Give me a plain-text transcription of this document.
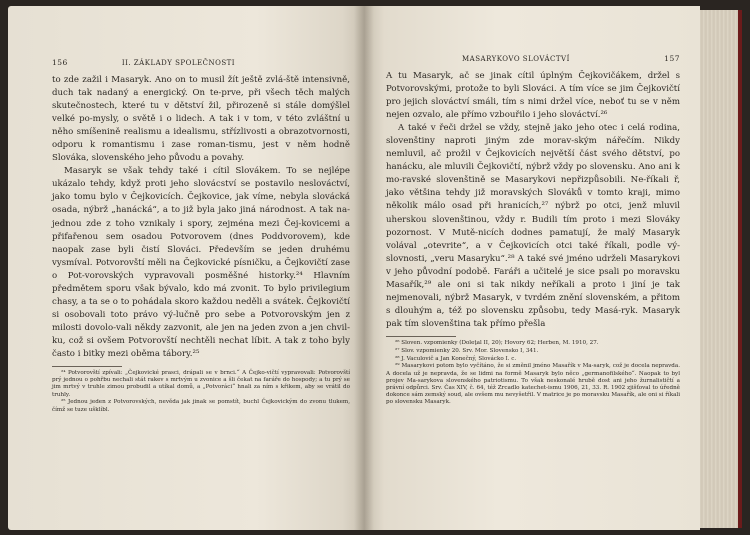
156	II. ZÁKLADY SPOLEČNOSTI

to zde zažil i Masaryk. Ano on to musil žít ještě zvlá-ště intensivně, duch tak nadaný a energický. On te-prve, při všech těch malých skutečnostech, které tu v dětství žil, přirozeně si stále domýšlel velké po-mysly, o světě i o lidech. A tak i v tom, v této zvláštní u něho smíšenině realismu a idealismu, střízlivosti a obrazotvornosti, odporu k romantismu i zase roman-tismu, jest v něm hodně Slováka, slovenského jeho původu a povahy.

Masaryk se však tehdy také i cítil Slovákem. To se nejlépe ukázalo tehdy, když proti jeho slovácství se postavilo neslováctví, jako tomu bylo v Čejkovicích. Čejkovice, jak víme, nebyla slovácká osada, nýbrž „hanácká“, a to již byla jako jiná národnost. A tak na-jednou zde z toho vznikaly i spory, zejména mezi Čej-kovicemi a přifařenou sem osadou Potvorovem (dnes Poddvorovem), kde naopak zase byli čistí Slováci. Především se jeden druhému vysmíval. Potvorovští měli na Čejkovické písničku, a Čejkovičtí zase o Pot-vorovských vypravovali posměšné historky.²⁴ Hlavním předmětem sporu však bývalo, kdo má zvonit. To bylo privilegium chasy, a ta se o to pohádala skoro každou neděli a svátek. Čejkovičtí si osobovali toto právo vý-lučně pro sebe a Potvorovským jen z milosti dovolo-vali někdy zazvonit, ale jen na jeden zvon a jen chvil-ku, což si ovšem Potvorovští nechtěli nechat líbit. A tak z toho byly často i bitky mezi oběma tábory.²⁵

²⁴ Potvorovští zpívali: „Čejkovické prasci, drápali se v brnci.“ A Čejko-vičtí vypravovali: Potvorovští prý jednou o pohřbu nechali stát rakev s mrtvým u zvonice a šli čekat na faráře do hospody; a tu prý se jim mrtvý v truhle zimou probudil a utíkal domů, a „Potvoráci“ hnali za ním s křikem, aby se vrátil do truhly.

²⁵ Jednou jeden z Potvorovských, nevěda jak jinak se pomstít, buchl Čejkovickým do zvonu tlukem, čímž se tuze ušklíbl.

MASARYKOVO SLOVÁCTVÍ	157

A tu Masaryk, ač se jinak cítil úplným Čejkovičákem, držel s Potvorovskými, protože to byli Slováci. A tím více se jim Čejkovičtí pro jejich slováctví smáli, tím s nimi držel více, neboť tu se v něm nejen ozvalo, ale přímo vzbouřilo i jeho slováctví.²⁶

A také v řeči držel se vždy, stejně jako jeho otec i celá rodina, slovenštiny naproti jiným zde morav-ským nářečím. Nikdy nemluvil, ač prožil v Čejkovicích největší část svého dětství, po hanácku, ale mluvili Čejkovičtí, nýbrž vždy po slovensku. Ano ani k mo-ravské slovenštině se Masarykovi nepřizpůsobili. Ne-říkali ř, jako většina tehdy již moravských Slováků v tomto kraji, mimo několik málo osad při hranicích,²⁷ nýbrž po otci, jenž mluvil uherskou slovenštinou, vždy r. Budili tím proto i mezi Slováky pozornost. V Mutě-nicích dodnes pamatují, že malý Masaryk volával „otevrite“, a v Čejkovicích otci také říkali, podle vý-slovnosti, „veru Masaryku“.²⁸ A také své jméno udrželi Masarykovi v jeho původní podobě. Faráři a učitelé je sice psali po moravsku Masařík,²⁹ ale oni si tak nikdy neříkali a proto i jiní je tak nejmenovali, nýbrž Masaryk, v tvrdém znění slovenském, a přitom s dlouhým a, též po slovensku způsobu, tedy Masá-ryk. Masaryk pak tím slovenština tak přímo přešla

²⁶ Sloven. vzpomienky (Doleţal II, 20); Hovory 62; Herben, M. 1910, 27.

²⁷ Slov. vzpomienky 20. Srv. Mor. Slovensko I, 341.

²⁸ J. Vaculovič a Jan Konečný, Slovácko I. c.

²⁹ Masarykovi potom bylo vyčítáno, že si změnil jméno Masařík v Ma-saryk, což je docela nepravda. A docela už je nepravda, že se lidmi na formě Masaryk bylo něco „germanofilského“. Naopak to byl projev Ma-sarykova slovenského patriotismu. To však neskonalé hrubě dost ani jeho žurnalističtí a právní odpůrci. Srv. Čas XIV, č. 64, též Zrcadlo katechet-ismu 1906, 21, 33. R. 1902 zjišťoval to úředně dokonce sám zemský soud, ale ovšem mu nevyšetřil. V matrice je po moravsku Masařík, ale oni si říkali po slovensku Masaryk.
